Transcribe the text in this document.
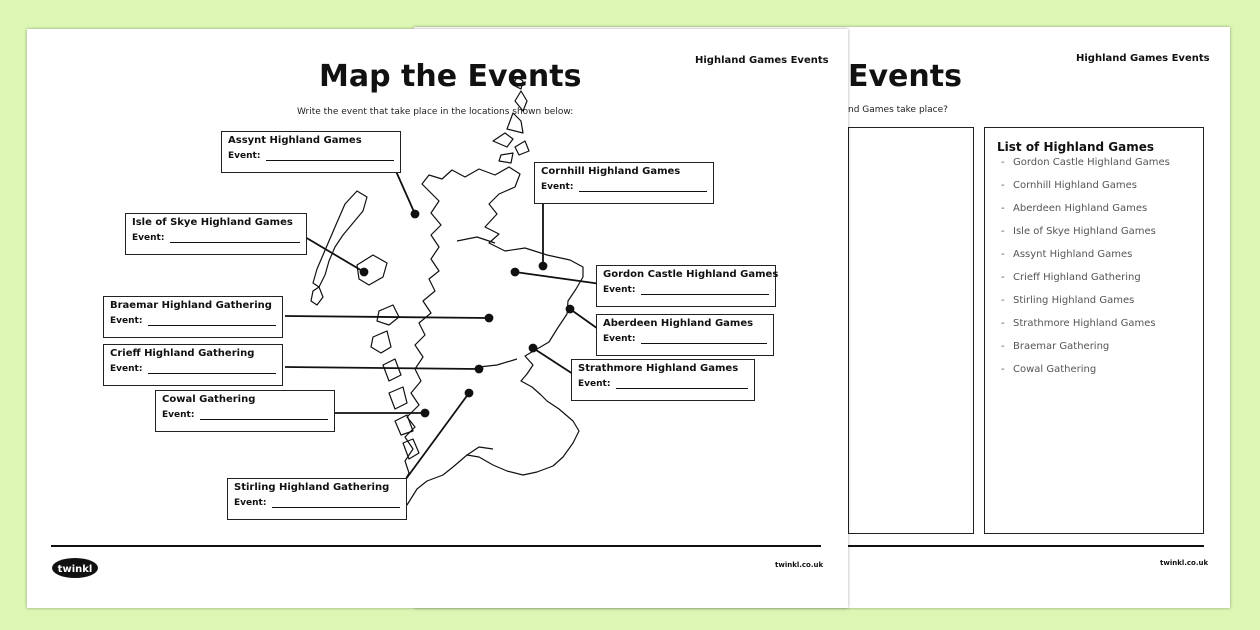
Highland Games Events
Events
nd Games take place?
List of Highland Games
- Gordon Castle Highland Games
- Cornhill Highland Games
- Aberdeen Highland Games
- Isle of Skye Highland Games
- Assynt Highland Games
- Crieff Highland Gathering
- Stirling Highland Games
- Strathmore Highland Games
- Braemar Gathering
- Cowal Gathering
twinkl.co.uk
Highland Games Events
Map the Events
Write the event that take place in the locations shown below:
Assynt Highland Games
Event:
Cornhill Highland Games
Event:
Isle of Skye Highland Games
Event:
Gordon Castle Highland Games
Event:
Braemar Highland Gathering
Event:	Aberdeen Highland Games
Event:
Crieff Highland Gathering
Event:	Strathmore Highland Games
Event:
Cowal Gathering
Event:
Stirling Highland Gathering
Event:
twinkl	twinkl.co.uk
